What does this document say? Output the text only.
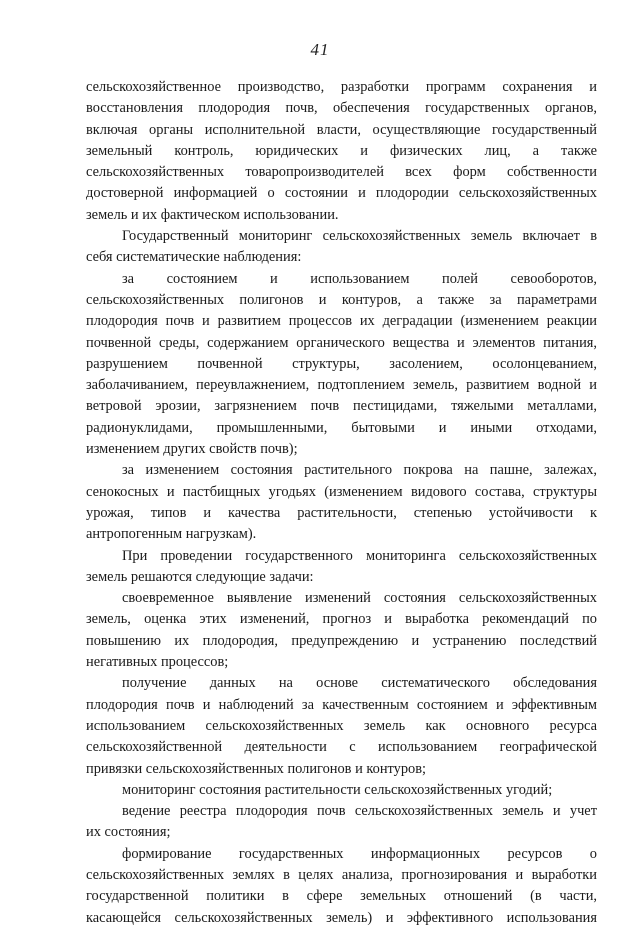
41
сельскохозяйственное производство, разработки программ сохранения и
восстановления плодородия почв, обеспечения государственных органов,
включая органы исполнительной власти, осуществляющие государственный
земельный контроль, юридических и физических лиц, а также
сельскохозяйственных товаропроизводителей всех форм собственности
достоверной информацией о состоянии и плодородии сельскохозяйственных
земель и их фактическом использовании.
Государственный мониторинг сельскохозяйственных земель включает в
себя систематические наблюдения:
за состоянием и использованием полей севооборотов,
сельскохозяйственных полигонов и контуров, а также за параметрами
плодородия почв и развитием процессов их деградации (изменением реакции
почвенной среды, содержанием органического вещества и элементов питания,
разрушением почвенной структуры, засолением, осолонцеванием,
заболачиванием, переувлажнением, подтоплением земель, развитием водной и
ветровой эрозии, загрязнением почв пестицидами, тяжелыми металлами,
радионуклидами, промышленными, бытовыми и иными отходами,
изменением других свойств почв);
за изменением состояния растительного покрова на пашне, залежах,
сенокосных и пастбищных угодьях (изменением видового состава, структуры
урожая, типов и качества растительности, степенью устойчивости к
антропогенным нагрузкам).
При проведении государственного мониторинга сельскохозяйственных
земель решаются следующие задачи:
своевременное выявление изменений состояния сельскохозяйственных
земель, оценка этих изменений, прогноз и выработка рекомендаций по
повышению их плодородия, предупреждению и устранению последствий
негативных процессов;
получение данных на основе систематического обследования
плодородия почв и наблюдений за качественным состоянием и эффективным
использованием сельскохозяйственных земель как основного ресурса
сельскохозяйственной деятельности с использованием географической
привязки сельскохозяйственных полигонов и контуров;
мониторинг состояния растительности сельскохозяйственных угодий;
ведение реестра плодородия почв сельскохозяйственных земель и учет
их состояния;
формирование государственных информационных ресурсов о
сельскохозяйственных землях в целях анализа, прогнозирования и выработки
государственной политики в сфере земельных отношений (в части,
касающейся сельскохозяйственных земель) и эффективного использования
